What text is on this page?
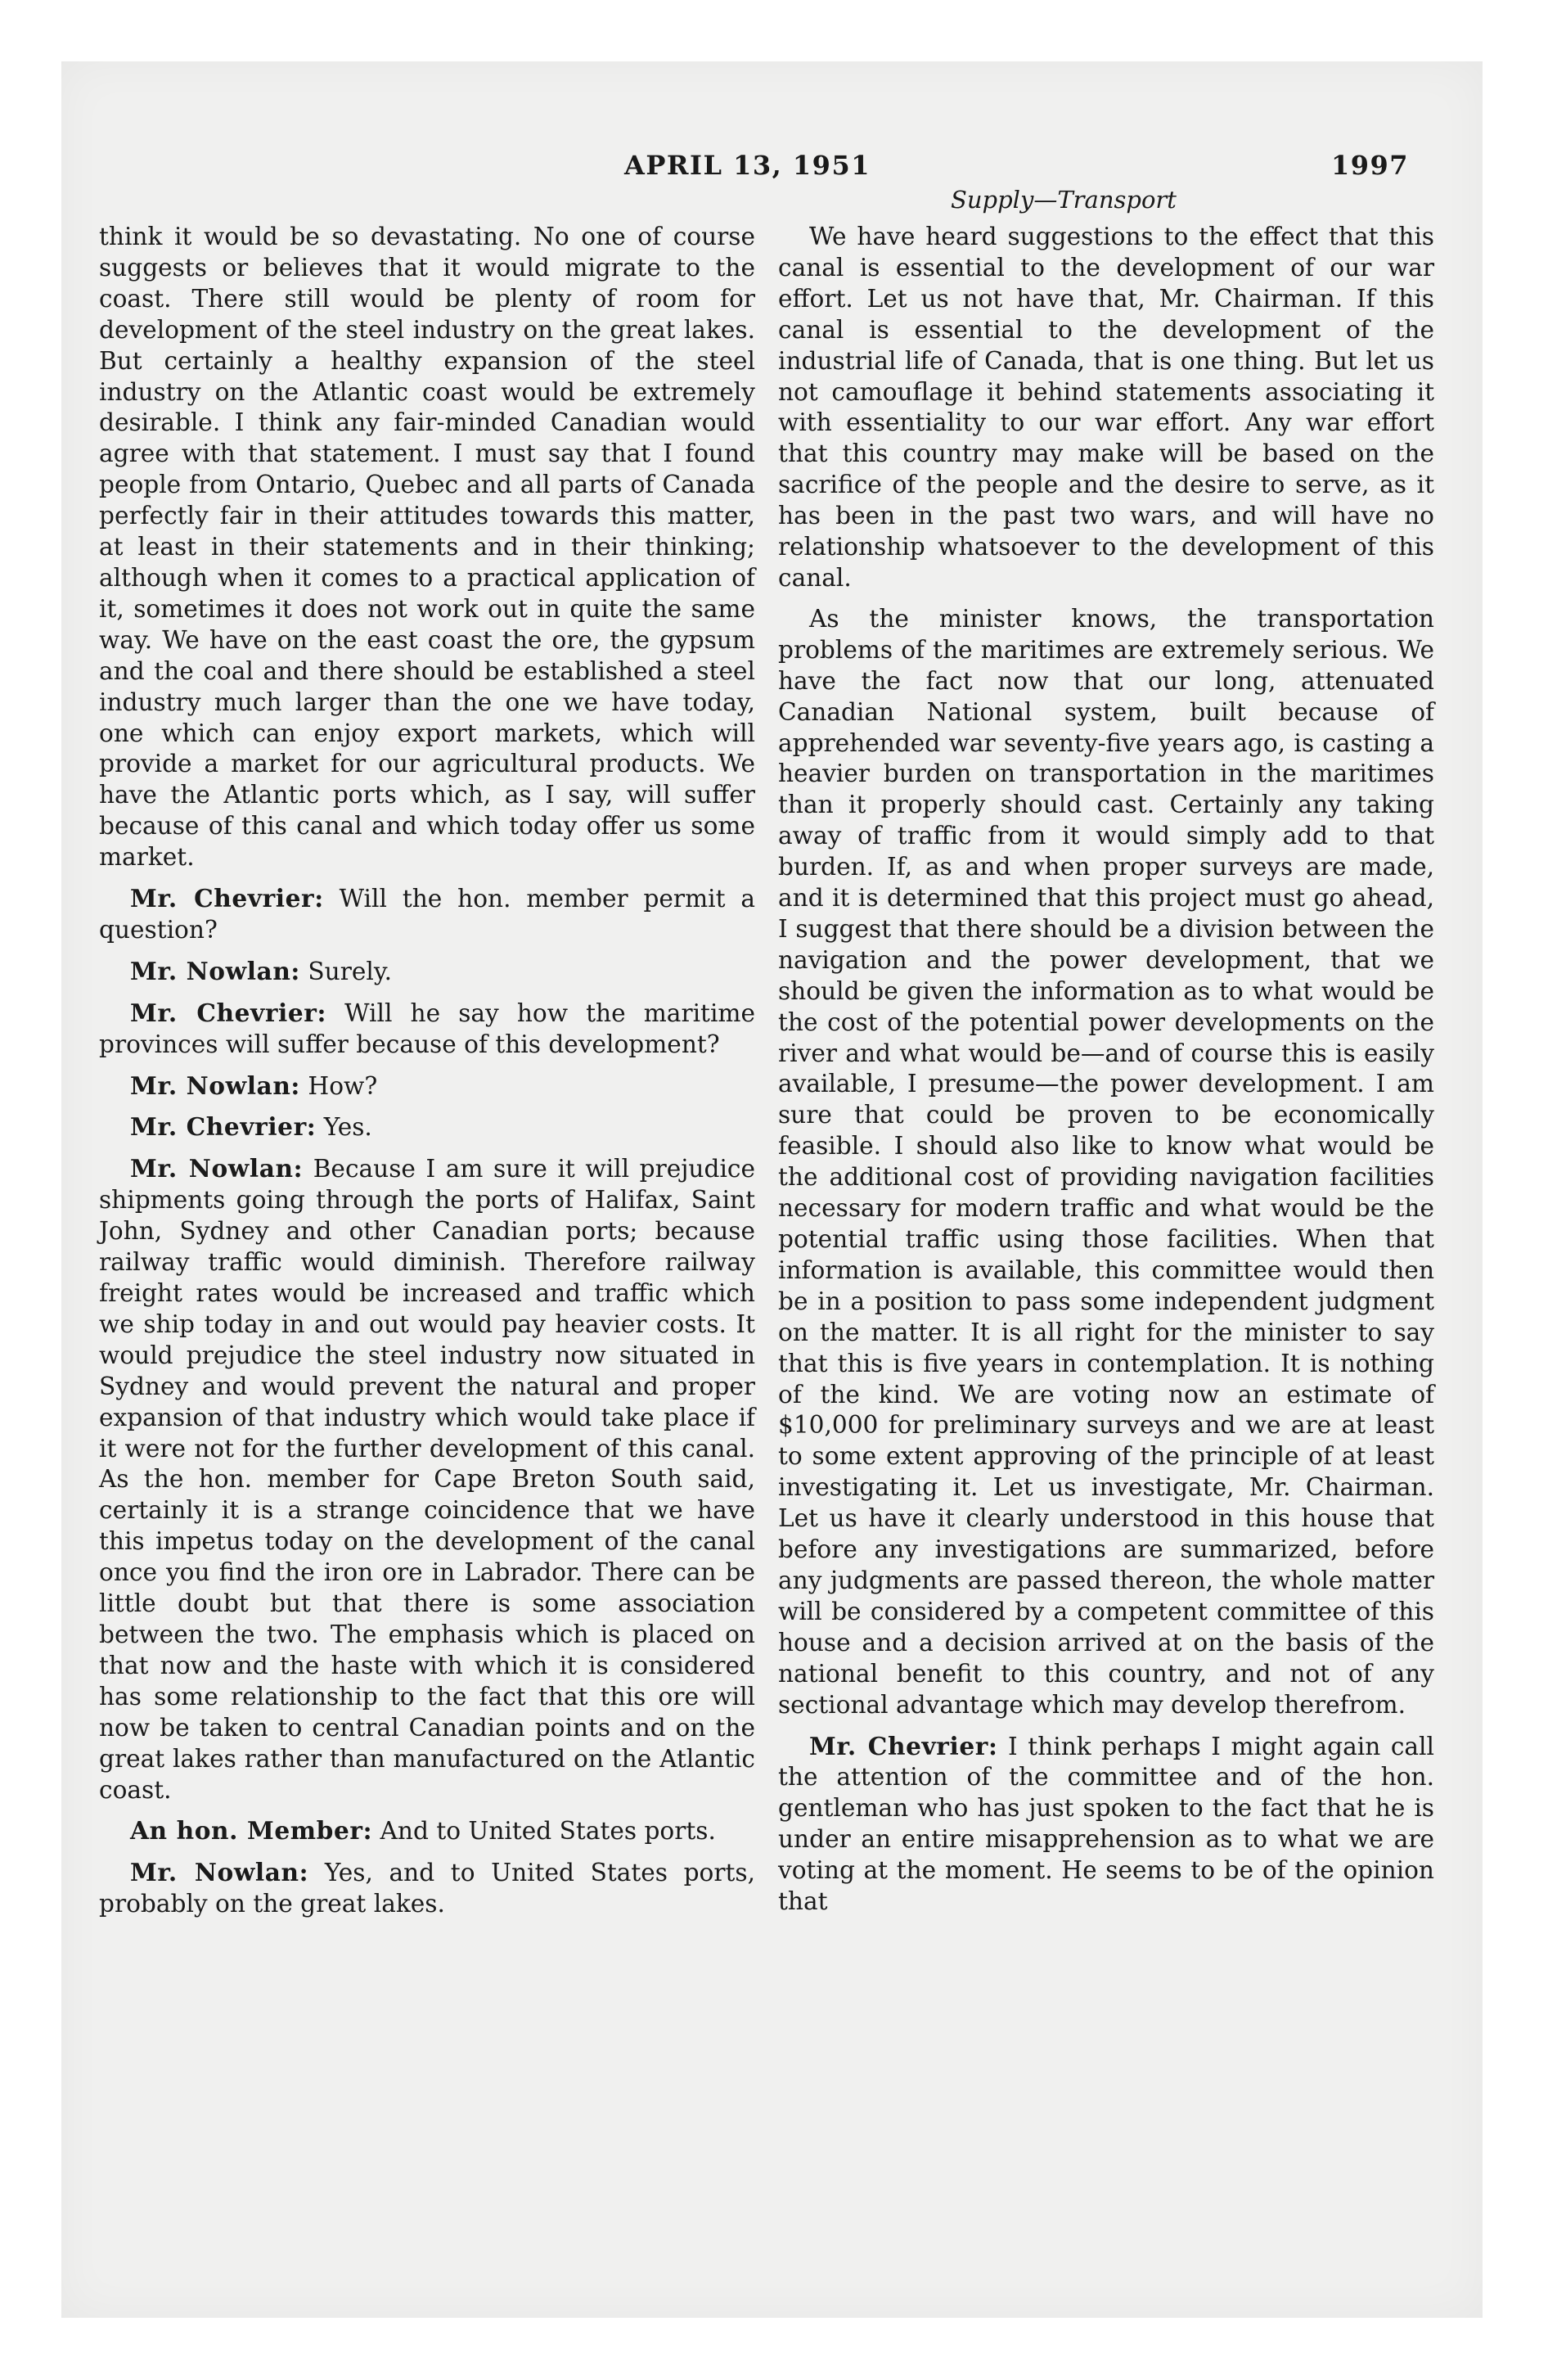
APRIL 13, 1951	1997
Supply—Transport

think it would be so devastating. No one of course suggests or believes that it would migrate to the coast. There still would be plenty of room for development of the steel industry on the great lakes. But certainly a healthy expansion of the steel industry on the Atlantic coast would be extremely desirable. I think any fair-minded Canadian would agree with that statement. I must say that I found people from Ontario, Quebec and all parts of Canada perfectly fair in their attitudes towards this matter, at least in their statements and in their thinking; although when it comes to a practical application of it, sometimes it does not work out in quite the same way. We have on the east coast the ore, the gypsum and the coal and there should be established a steel industry much larger than the one we have today, one which can enjoy export markets, which will provide a market for our agricultural products. We have the Atlantic ports which, as I say, will suffer because of this canal and which today offer us some market.

Mr. Chevrier: Will the hon. member permit a question?

Mr. Nowlan: Surely.

Mr. Chevrier: Will he say how the maritime provinces will suffer because of this development?

Mr. Nowlan: How?

Mr. Chevrier: Yes.

Mr. Nowlan: Because I am sure it will prejudice shipments going through the ports of Halifax, Saint John, Sydney and other Canadian ports; because railway traffic would diminish. Therefore railway freight rates would be increased and traffic which we ship today in and out would pay heavier costs. It would prejudice the steel industry now situated in Sydney and would prevent the natural and proper expansion of that industry which would take place if it were not for the further development of this canal. As the hon. member for Cape Breton South said, certainly it is a strange coincidence that we have this impetus today on the development of the canal once you find the iron ore in Labrador. There can be little doubt but that there is some association between the two. The emphasis which is placed on that now and the haste with which it is considered has some relationship to the fact that this ore will now be taken to central Canadian points and on the great lakes rather than manufactured on the Atlantic coast.

An hon. Member: And to United States ports.

Mr. Nowlan: Yes, and to United States ports, probably on the great lakes.

We have heard suggestions to the effect that this canal is essential to the development of our war effort. Let us not have that, Mr. Chairman. If this canal is essential to the development of the industrial life of Canada, that is one thing. But let us not camouflage it behind statements associating it with essentiality to our war effort. Any war effort that this country may make will be based on the sacrifice of the people and the desire to serve, as it has been in the past two wars, and will have no relationship whatsoever to the development of this canal.

As the minister knows, the transportation problems of the maritimes are extremely serious. We have the fact now that our long, attenuated Canadian National system, built because of apprehended war seventy-five years ago, is casting a heavier burden on transportation in the maritimes than it properly should cast. Certainly any taking away of traffic from it would simply add to that burden. If, as and when proper surveys are made, and it is determined that this project must go ahead, I suggest that there should be a division between the navigation and the power development, that we should be given the information as to what would be the cost of the potential power developments on the river and what would be—and of course this is easily available, I presume—the power development. I am sure that could be proven to be economically feasible. I should also like to know what would be the additional cost of providing navigation facilities necessary for modern traffic and what would be the potential traffic using those facilities. When that information is available, this committee would then be in a position to pass some independent judgment on the matter. It is all right for the minister to say that this is five years in contemplation. It is nothing of the kind. We are voting now an estimate of $10,000 for preliminary surveys and we are at least to some extent approving of the principle of at least investigating it. Let us investigate, Mr. Chairman. Let us have it clearly understood in this house that before any investigations are summarized, before any judgments are passed thereon, the whole matter will be considered by a competent committee of this house and a decision arrived at on the basis of the national benefit to this country, and not of any sectional advantage which may develop therefrom.

Mr. Chevrier: I think perhaps I might again call the attention of the committee and of the hon. gentleman who has just spoken to the fact that he is under an entire misapprehension as to what we are voting at the moment. He seems to be of the opinion that
